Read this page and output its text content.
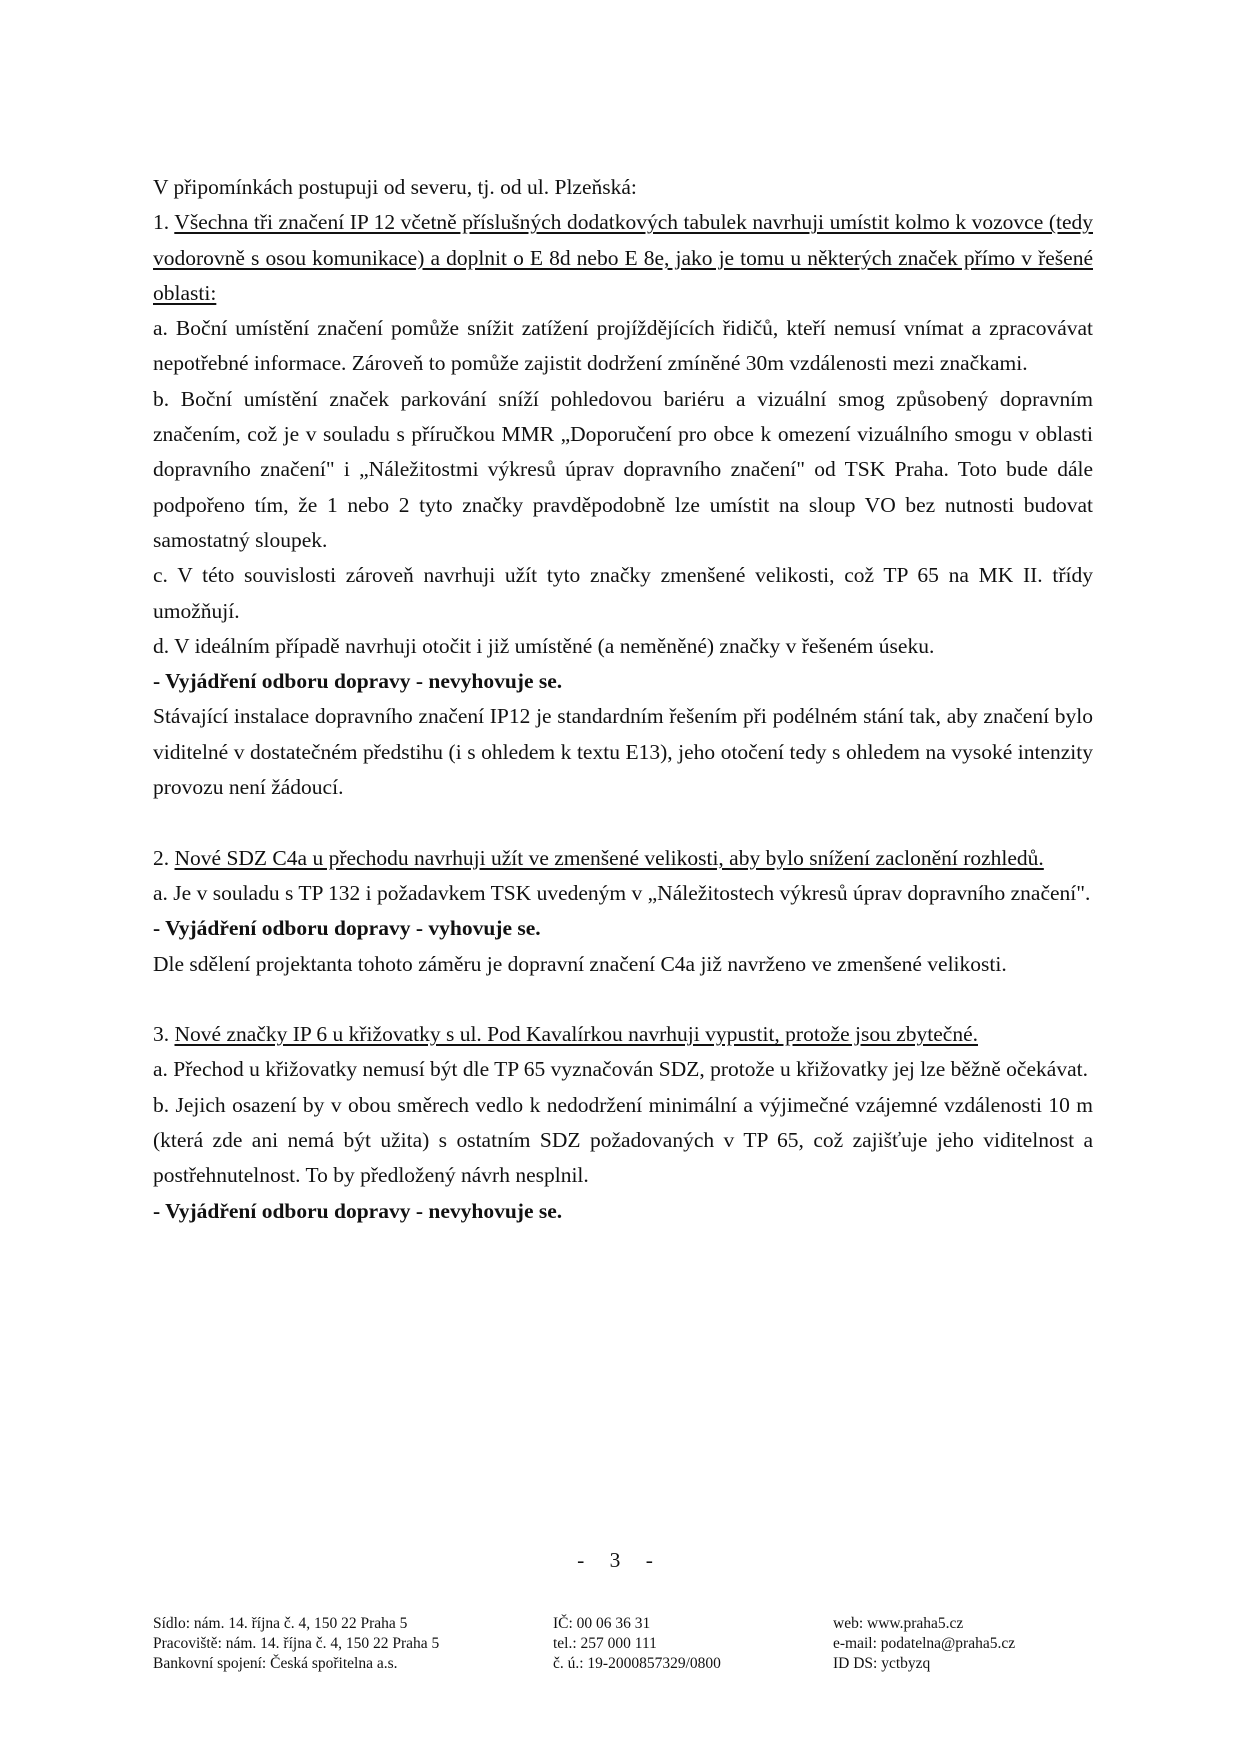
V připomínkách postupuji od severu, tj. od ul. Plzeňská:

1. Všechna tři značení IP 12 včetně příslušných dodatkových tabulek navrhuji umístit kolmo k vozovce (tedy vodorovně s osou komunikace) a doplnit o E 8d nebo E 8e, jako je tomu u některých značek přímo v řešené oblasti:

a. Boční umístění značení pomůže snížit zatížení projíždějících řidičů, kteří nemusí vnímat a zpracovávat nepotřebné informace. Zároveň to pomůže zajistit dodržení zmíněné 30m vzdálenosti mezi značkami.

b. Boční umístění značek parkování sníží pohledovou bariéru a vizuální smog způsobený dopravním značením, což je v souladu s příručkou MMR „Doporučení pro obce k omezení vizuálního smogu v oblasti dopravního značení" i „Náležitostmi výkresů úprav dopravního značení" od TSK Praha. Toto bude dále podpořeno tím, že 1 nebo 2 tyto značky pravděpodobně lze umístit na sloup VO bez nutnosti budovat samostatný sloupek.

c. V této souvislosti zároveň navrhuji užít tyto značky zmenšené velikosti, což TP 65 na MK II. třídy umožňují.

d. V ideálním případě navrhuji otočit i již umístěné (a neměněné) značky v řešeném úseku.

- Vyjádření odboru dopravy - nevyhovuje se.

Stávající instalace dopravního značení IP12 je standardním řešením při podélném stání tak, aby značení bylo viditelné v dostatečném předstihu (i s ohledem k textu E13), jeho otočení tedy s ohledem na vysoké intenzity provozu není žádoucí.

2. Nové SDZ C4a u přechodu navrhuji užít ve zmenšené velikosti, aby bylo snížení zaclonění rozhledů.

a. Je v souladu s TP 132 i požadavkem TSK uvedeným v „Náležitostech výkresů úprav dopravního značení".

- Vyjádření odboru dopravy - vyhovuje se.

Dle sdělení projektanta tohoto záměru je dopravní značení C4a již navrženo ve zmenšené velikosti.

3. Nové značky IP 6 u křižovatky s ul. Pod Kavalírkou navrhuji vypustit, protože jsou zbytečné.

a. Přechod u křižovatky nemusí být dle TP 65 vyznačován SDZ, protože u křižovatky jej lze běžně očekávat.

b. Jejich osazení by v obou směrech vedlo k nedodržení minimální a výjimečné vzájemné vzdálenosti 10 m (která zde ani nemá být užita) s ostatním SDZ požadovaných v TP 65, což zajišťuje jeho viditelnost a postřehnutelnost. To by předložený návrh nesplnil.

- Vyjádření odboru dopravy - nevyhovuje se.

- 3 -
Sídlo: nám. 14. října č. 4, 150 22 Praha 5
Pracoviště: nám. 14. října č. 4, 150 22 Praha 5
Bankovní spojení: Česká spořitelna a.s.
IČ: 00 06 36 31
tel.: 257 000 111
č. ú.: 19-2000857329/0800
web: www.praha5.cz
e-mail: podatelna@praha5.cz
ID DS: yctbyzq
